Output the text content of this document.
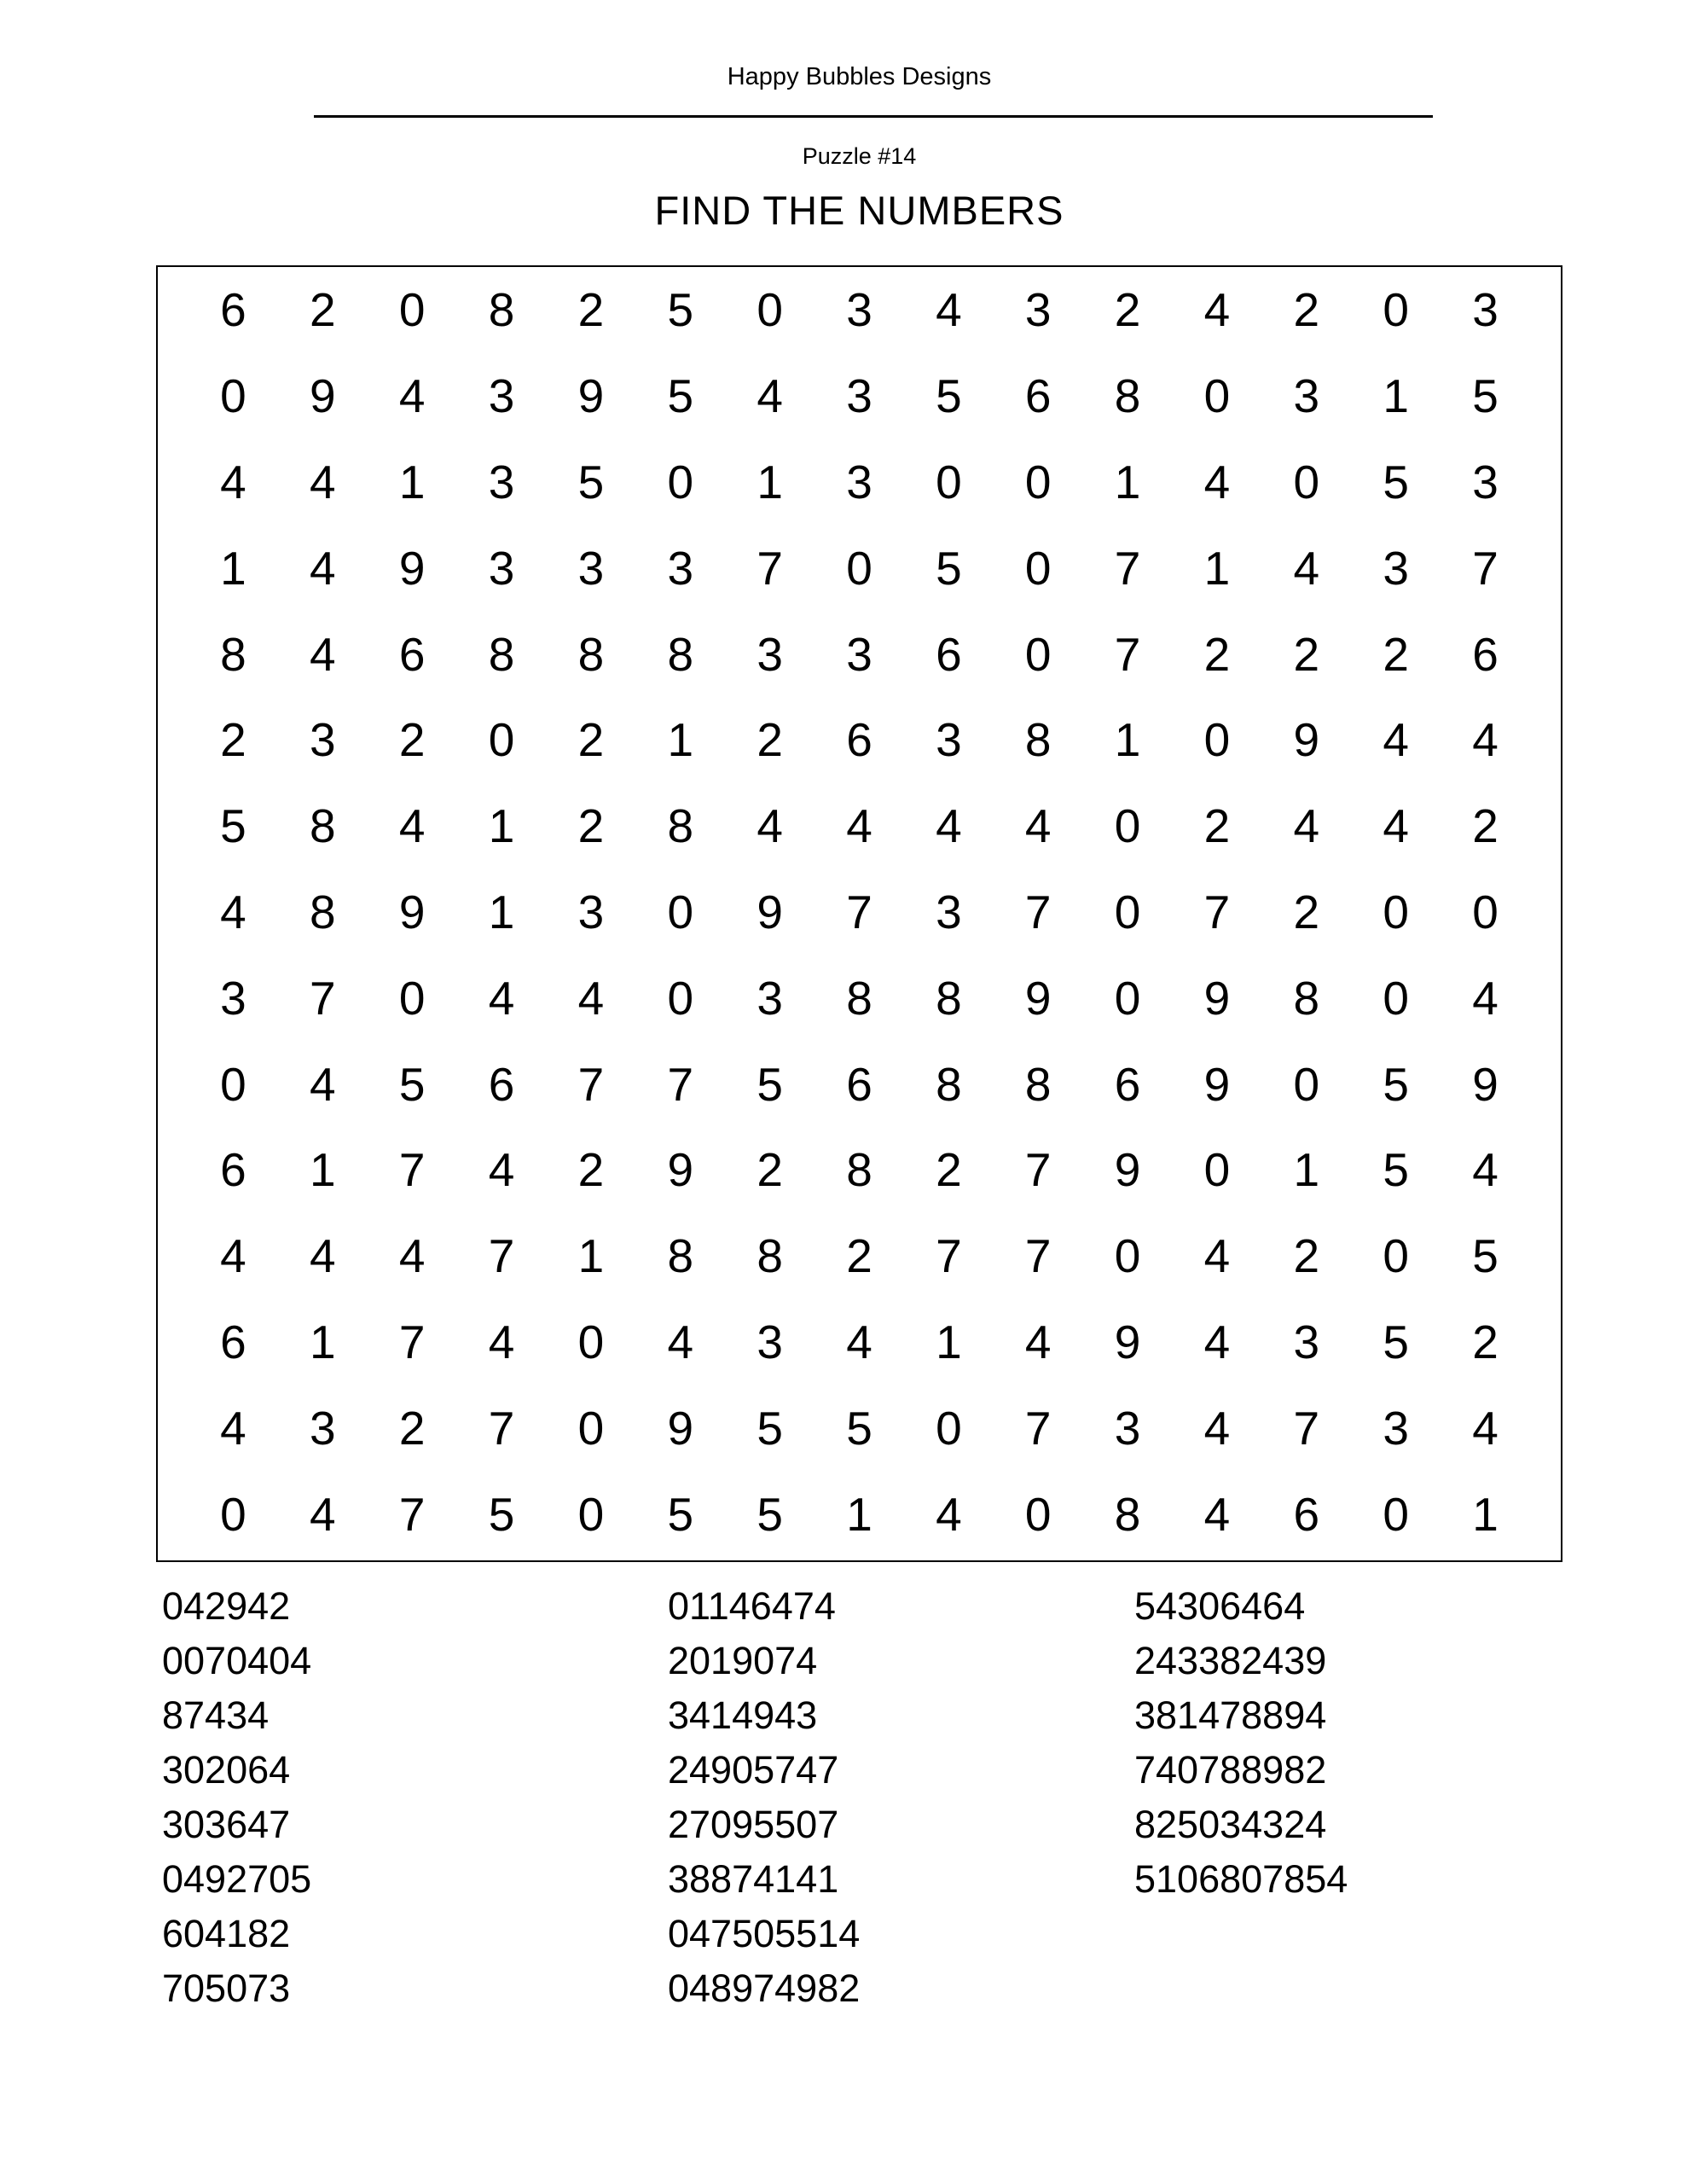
Happy Bubbles Designs
Puzzle #14
FIND THE NUMBERS
6	2	0	8	2	5	0	3	4	3	2	4	2	0	3
0	9	4	3	9	5	4	3	5	6	8	0	3	1	5
4	4	1	3	5	0	1	3	0	0	1	4	0	5	3
1	4	9	3	3	3	7	0	5	0	7	1	4	3	7
8	4	6	8	8	8	3	3	6	0	7	2	2	2	6
2	3	2	0	2	1	2	6	3	8	1	0	9	4	4
5	8	4	1	2	8	4	4	4	4	0	2	4	4	2
4	8	9	1	3	0	9	7	3	7	0	7	2	0	0
3	7	0	4	4	0	3	8	8	9	0	9	8	0	4
0	4	5	6	7	7	5	6	8	8	6	9	0	5	9
6	1	7	4	2	9	2	8	2	7	9	0	1	5	4
4	4	4	7	1	8	8	2	7	7	0	4	2	0	5
6	1	7	4	0	4	3	4	1	4	9	4	3	5	2
4	3	2	7	0	9	5	5	0	7	3	4	7	3	4
0	4	7	5	0	5	5	1	4	0	8	4	6	0	1
042942
0070404
87434
302064
303647
0492705
604182
705073
01146474
2019074
3414943
24905747
27095507
38874141
047505514
048974982
54306464
243382439
381478894
740788982
825034324
5106807854
